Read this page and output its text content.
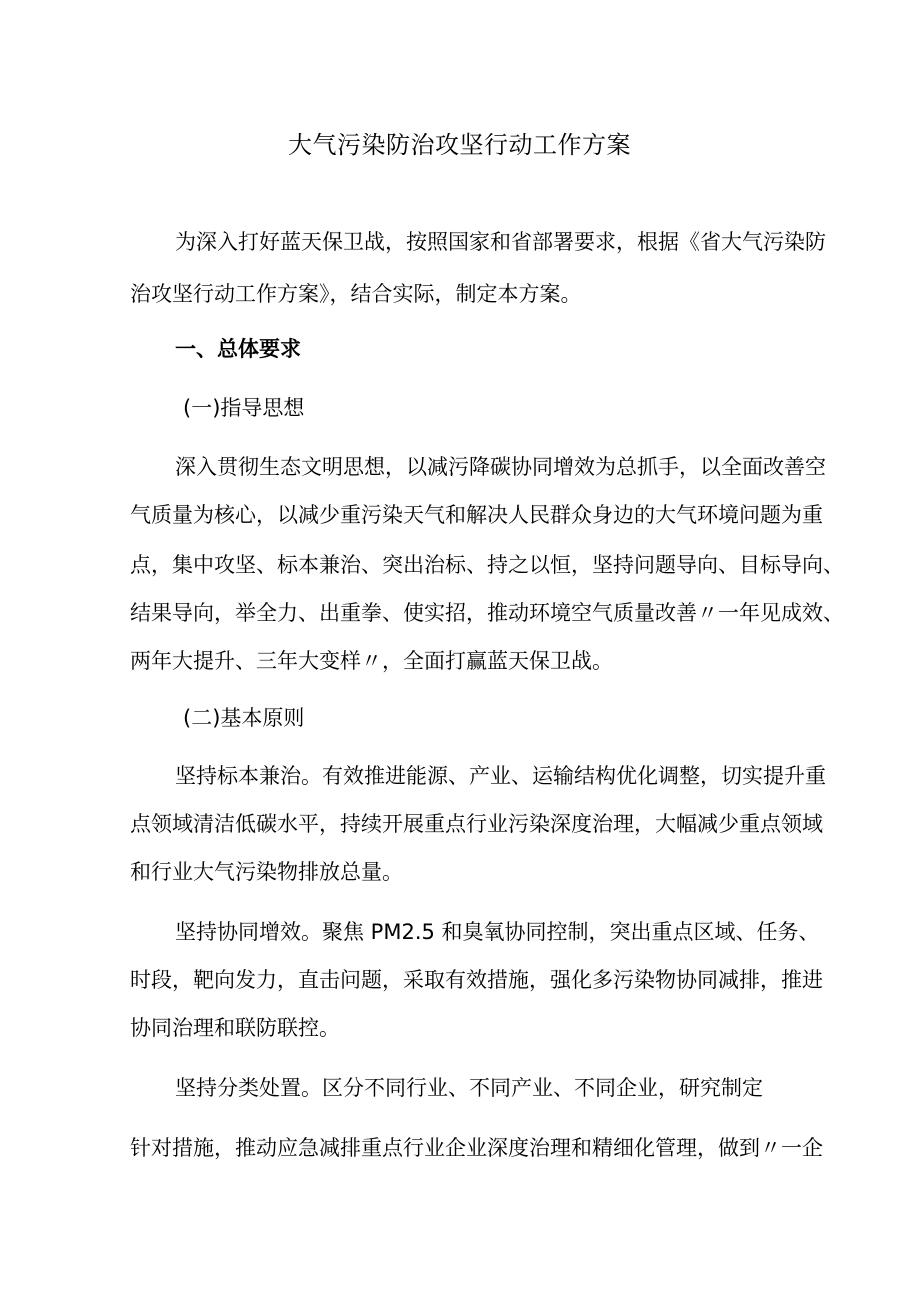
大气污染防治攻坚行动工作方案
为深入打好蓝天保卫战，按照国家和省部署要求，根据《省大气污染防
治攻坚行动工作方案》，结合实际，制定本方案。
一、总体要求
(一)指导思想
深入贯彻生态文明思想，以减污降碳协同增效为总抓手，以全面改善空
气质量为核心，以减少重污染天气和解决人民群众身边的大气环境问题为重
点，集中攻坚、标本兼治、突出治标、持之以恒，坚持问题导向、目标导向、
结果导向，举全力、出重拳、使实招，推动环境空气质量改善〃一年见成效、
两年大提升、三年大变样〃，全面打赢蓝天保卫战。
(二)基本原则
坚持标本兼治。有效推进能源、产业、运输结构优化调整，切实提升重
点领域清洁低碳水平，持续开展重点行业污染深度治理，大幅减少重点领域
和行业大气污染物排放总量。
坚持协同增效。聚焦 PM2.5 和臭氧协同控制，突出重点区域、任务、
时段，靶向发力，直击问题，采取有效措施，强化多污染物协同减排，推进
协同治理和联防联控。
坚持分类处置。区分不同行业、不同产业、不同企业，研究制定
针对措施，推动应急减排重点行业企业深度治理和精细化管理，做到〃一企
